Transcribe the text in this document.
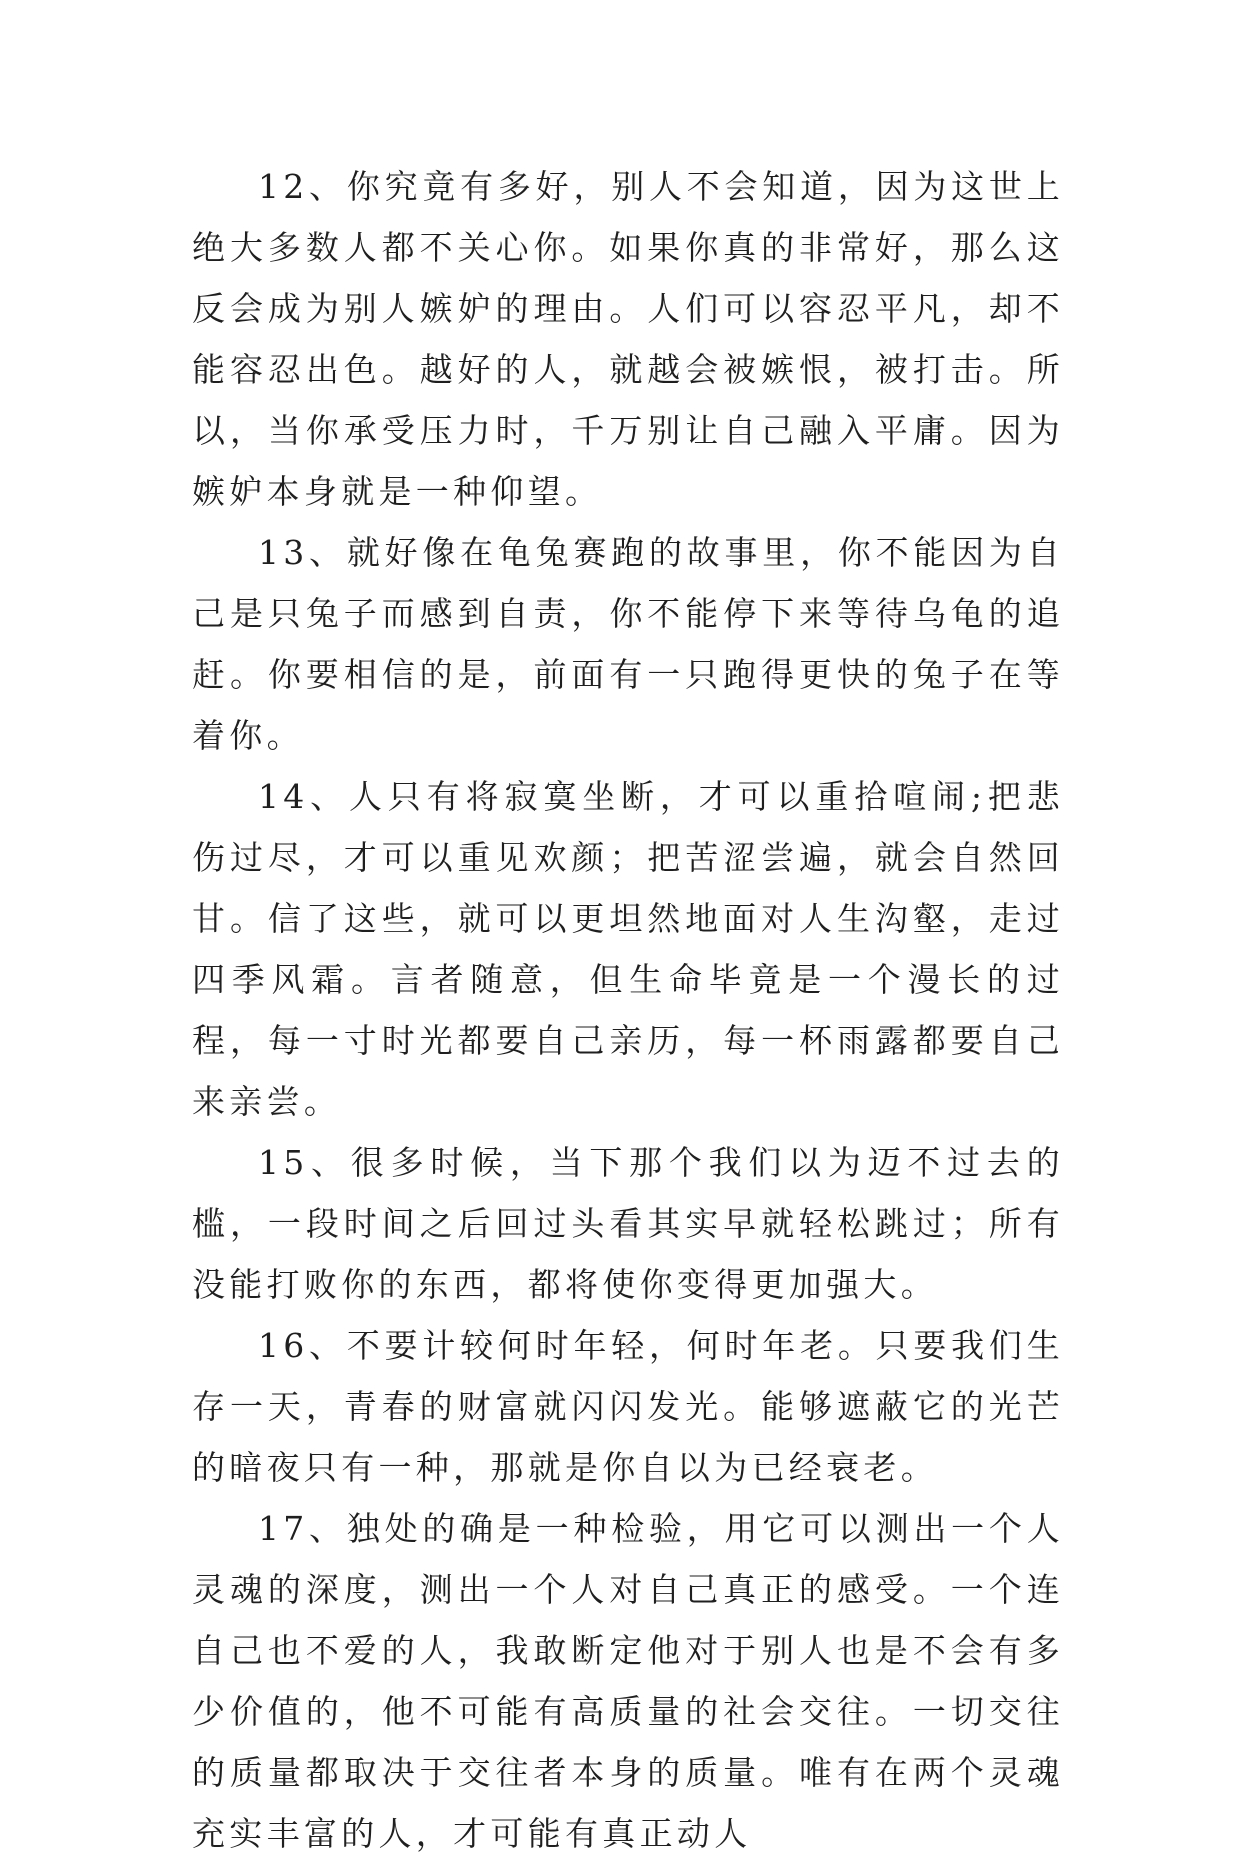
12、你究竟有多好，别人不会知道，因为这世上绝大多数人都不关心你。如果你真的非常好，那么这反会成为别人嫉妒的理由。人们可以容忍平凡，却不能容忍出色。越好的人，就越会被嫉恨，被打击。所以，当你承受压力时，千万别让自己融入平庸。因为嫉妒本身就是一种仰望。

13、就好像在龟兔赛跑的故事里，你不能因为自己是只兔子而感到自责，你不能停下来等待乌龟的追赶。你要相信的是，前面有一只跑得更快的兔子在等着你。

14、人只有将寂寞坐断，才可以重拾喧闹;把悲伤过尽，才可以重见欢颜；把苦涩尝遍，就会自然回甘。信了这些，就可以更坦然地面对人生沟壑，走过四季风霜。言者随意，但生命毕竟是一个漫长的过程，每一寸时光都要自己亲历，每一杯雨露都要自己来亲尝。

15、很多时候，当下那个我们以为迈不过去的槛，一段时间之后回过头看其实早就轻松跳过；所有没能打败你的东西，都将使你变得更加强大。

16、不要计较何时年轻，何时年老。只要我们生存一天，青春的财富就闪闪发光。能够遮蔽它的光芒的暗夜只有一种，那就是你自以为已经衰老。

17、独处的确是一种检验，用它可以测出一个人灵魂的深度，测出一个人对自己真正的感受。一个连自己也不爱的人，我敢断定他对于别人也是不会有多少价值的，他不可能有高质量的社会交往。一切交往的质量都取决于交往者本身的质量。唯有在两个灵魂充实丰富的人，才可能有真正动人
